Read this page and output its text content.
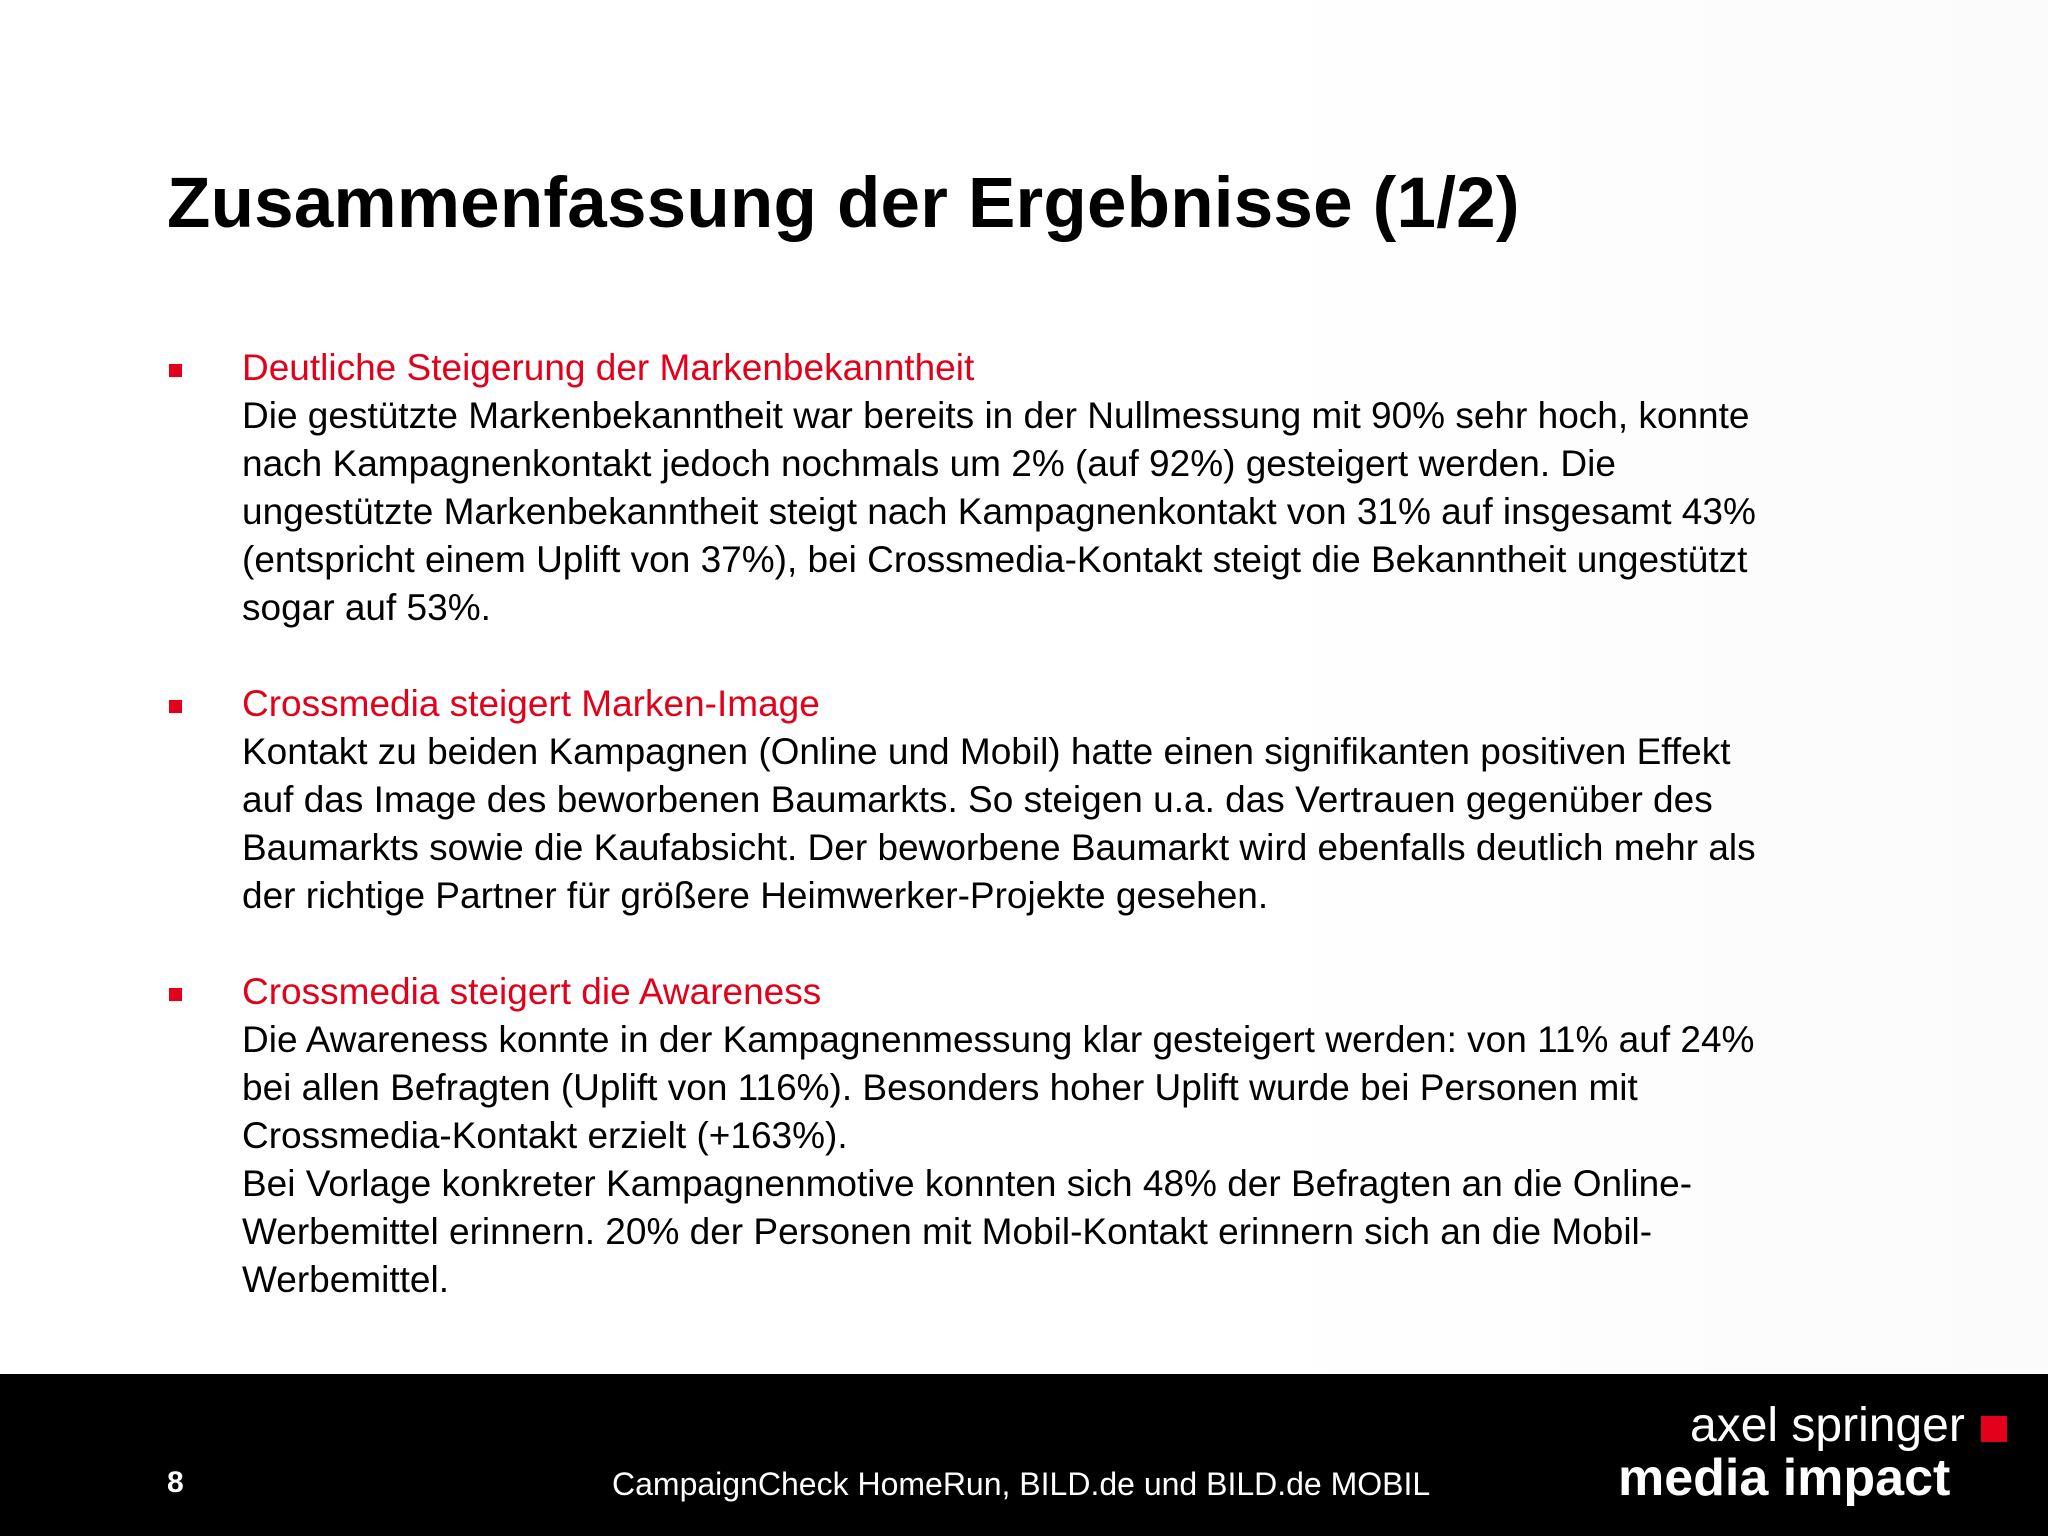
Zusammenfassung der Ergebnisse (1/2)
Deutliche Steigerung der Markenbekanntheit
Die gestützte Markenbekanntheit war bereits in der Nullmessung mit 90% sehr hoch, konnte
nach Kampagnenkontakt jedoch nochmals um 2% (auf 92%) gesteigert werden. Die
ungestützte Markenbekanntheit steigt nach Kampagnenkontakt von 31% auf insgesamt 43%
(entspricht einem Uplift von 37%), bei Crossmedia-Kontakt steigt die Bekanntheit ungestützt
sogar auf 53%.
Crossmedia steigert Marken-Image
Kontakt zu beiden Kampagnen (Online und Mobil) hatte einen signifikanten positiven Effekt
auf das Image des beworbenen Baumarkts. So steigen u.a. das Vertrauen gegenüber des
Baumarkts sowie die Kaufabsicht. Der beworbene Baumarkt wird ebenfalls deutlich mehr als
der richtige Partner für größere Heimwerker-Projekte gesehen.
Crossmedia steigert die Awareness
Die Awareness konnte in der Kampagnenmessung klar gesteigert werden: von 11% auf 24%
bei allen Befragten (Uplift von 116%). Besonders hoher Uplift wurde bei Personen mit
Crossmedia-Kontakt erzielt (+163%).
Bei Vorlage konkreter Kampagnenmotive konnten sich 48% der Befragten an die Online-
Werbemittel erinnern. 20% der Personen mit Mobil-Kontakt erinnern sich an die Mobil-
Werbemittel.
8	CampaignCheck HomeRun, BILD.de und BILD.de MOBIL
axel springer
media impact
